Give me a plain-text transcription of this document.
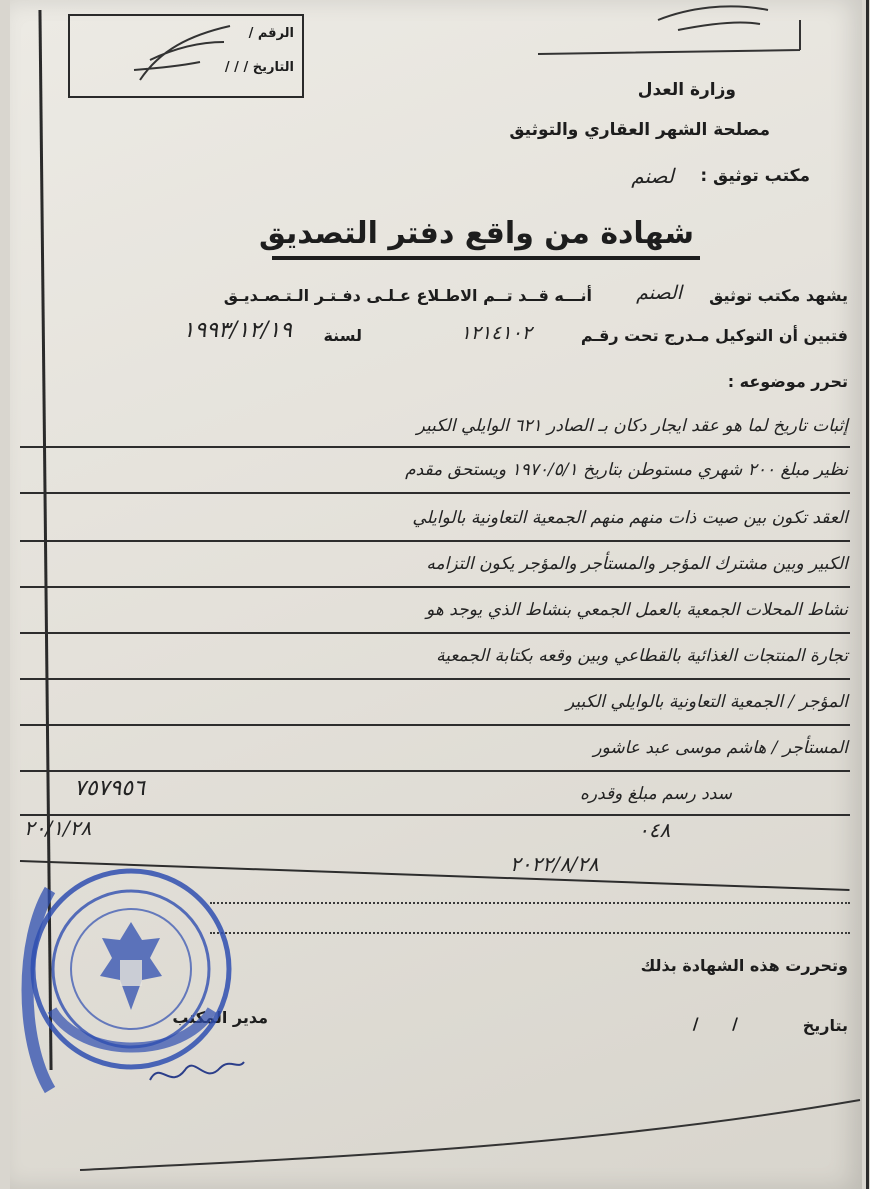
الرقم /
التاريخ / / /
وزارة العدل
مصلحة الشهر العقاري والتوثيق
مكتب توثيق :
لصنم
شهادة من واقع دفتر التصديق
يشهد مكتب توثيق
الصنم
أنـــه قــد تــم الاطـلاع عـلـى دفـتـر الـتـصـديـق
فتبين أن التوكيل مـدرج تحت رقـم
١٢١٤١٠٢
لسنة
١٩٩٣/١٢/١٩
تحرر موضوعه :
إثبات تاريخ لما هو عقد ايجار دكان بـ الصادر ٦٢١ الوايلي الكبير
نظير مبلغ ٢٠٠ شهري مستوطن بتاريخ ١٩٧٠/٥/١ ويستحق مقدم
العقد تكون بين صيت ذات منهم منهم الجمعية التعاونية بالوايلي
الكبير وبين مشترك المؤجر والمستأجر والمؤجر يكون التزامه
نشاط المحلات الجمعية بالعمل الجمعي بنشاط الذي يوجد هو
تجارة المنتجات الغذائية بالقطاعي وبين وقعه بكتابة الجمعية
المؤجر / الجمعية التعاونية بالوايلي الكبير
المستأجر / هاشم موسى عبد عاشور
سدد رسم مبلغ وقدره
٧٥٧٩٥٦
٢٠/١/٢٨	٠٤٨
٢٠٢٢/٨/٢٨
وتحررت هذه الشهادة بذلك
بتاريخ
/ /
مدير المكتب
